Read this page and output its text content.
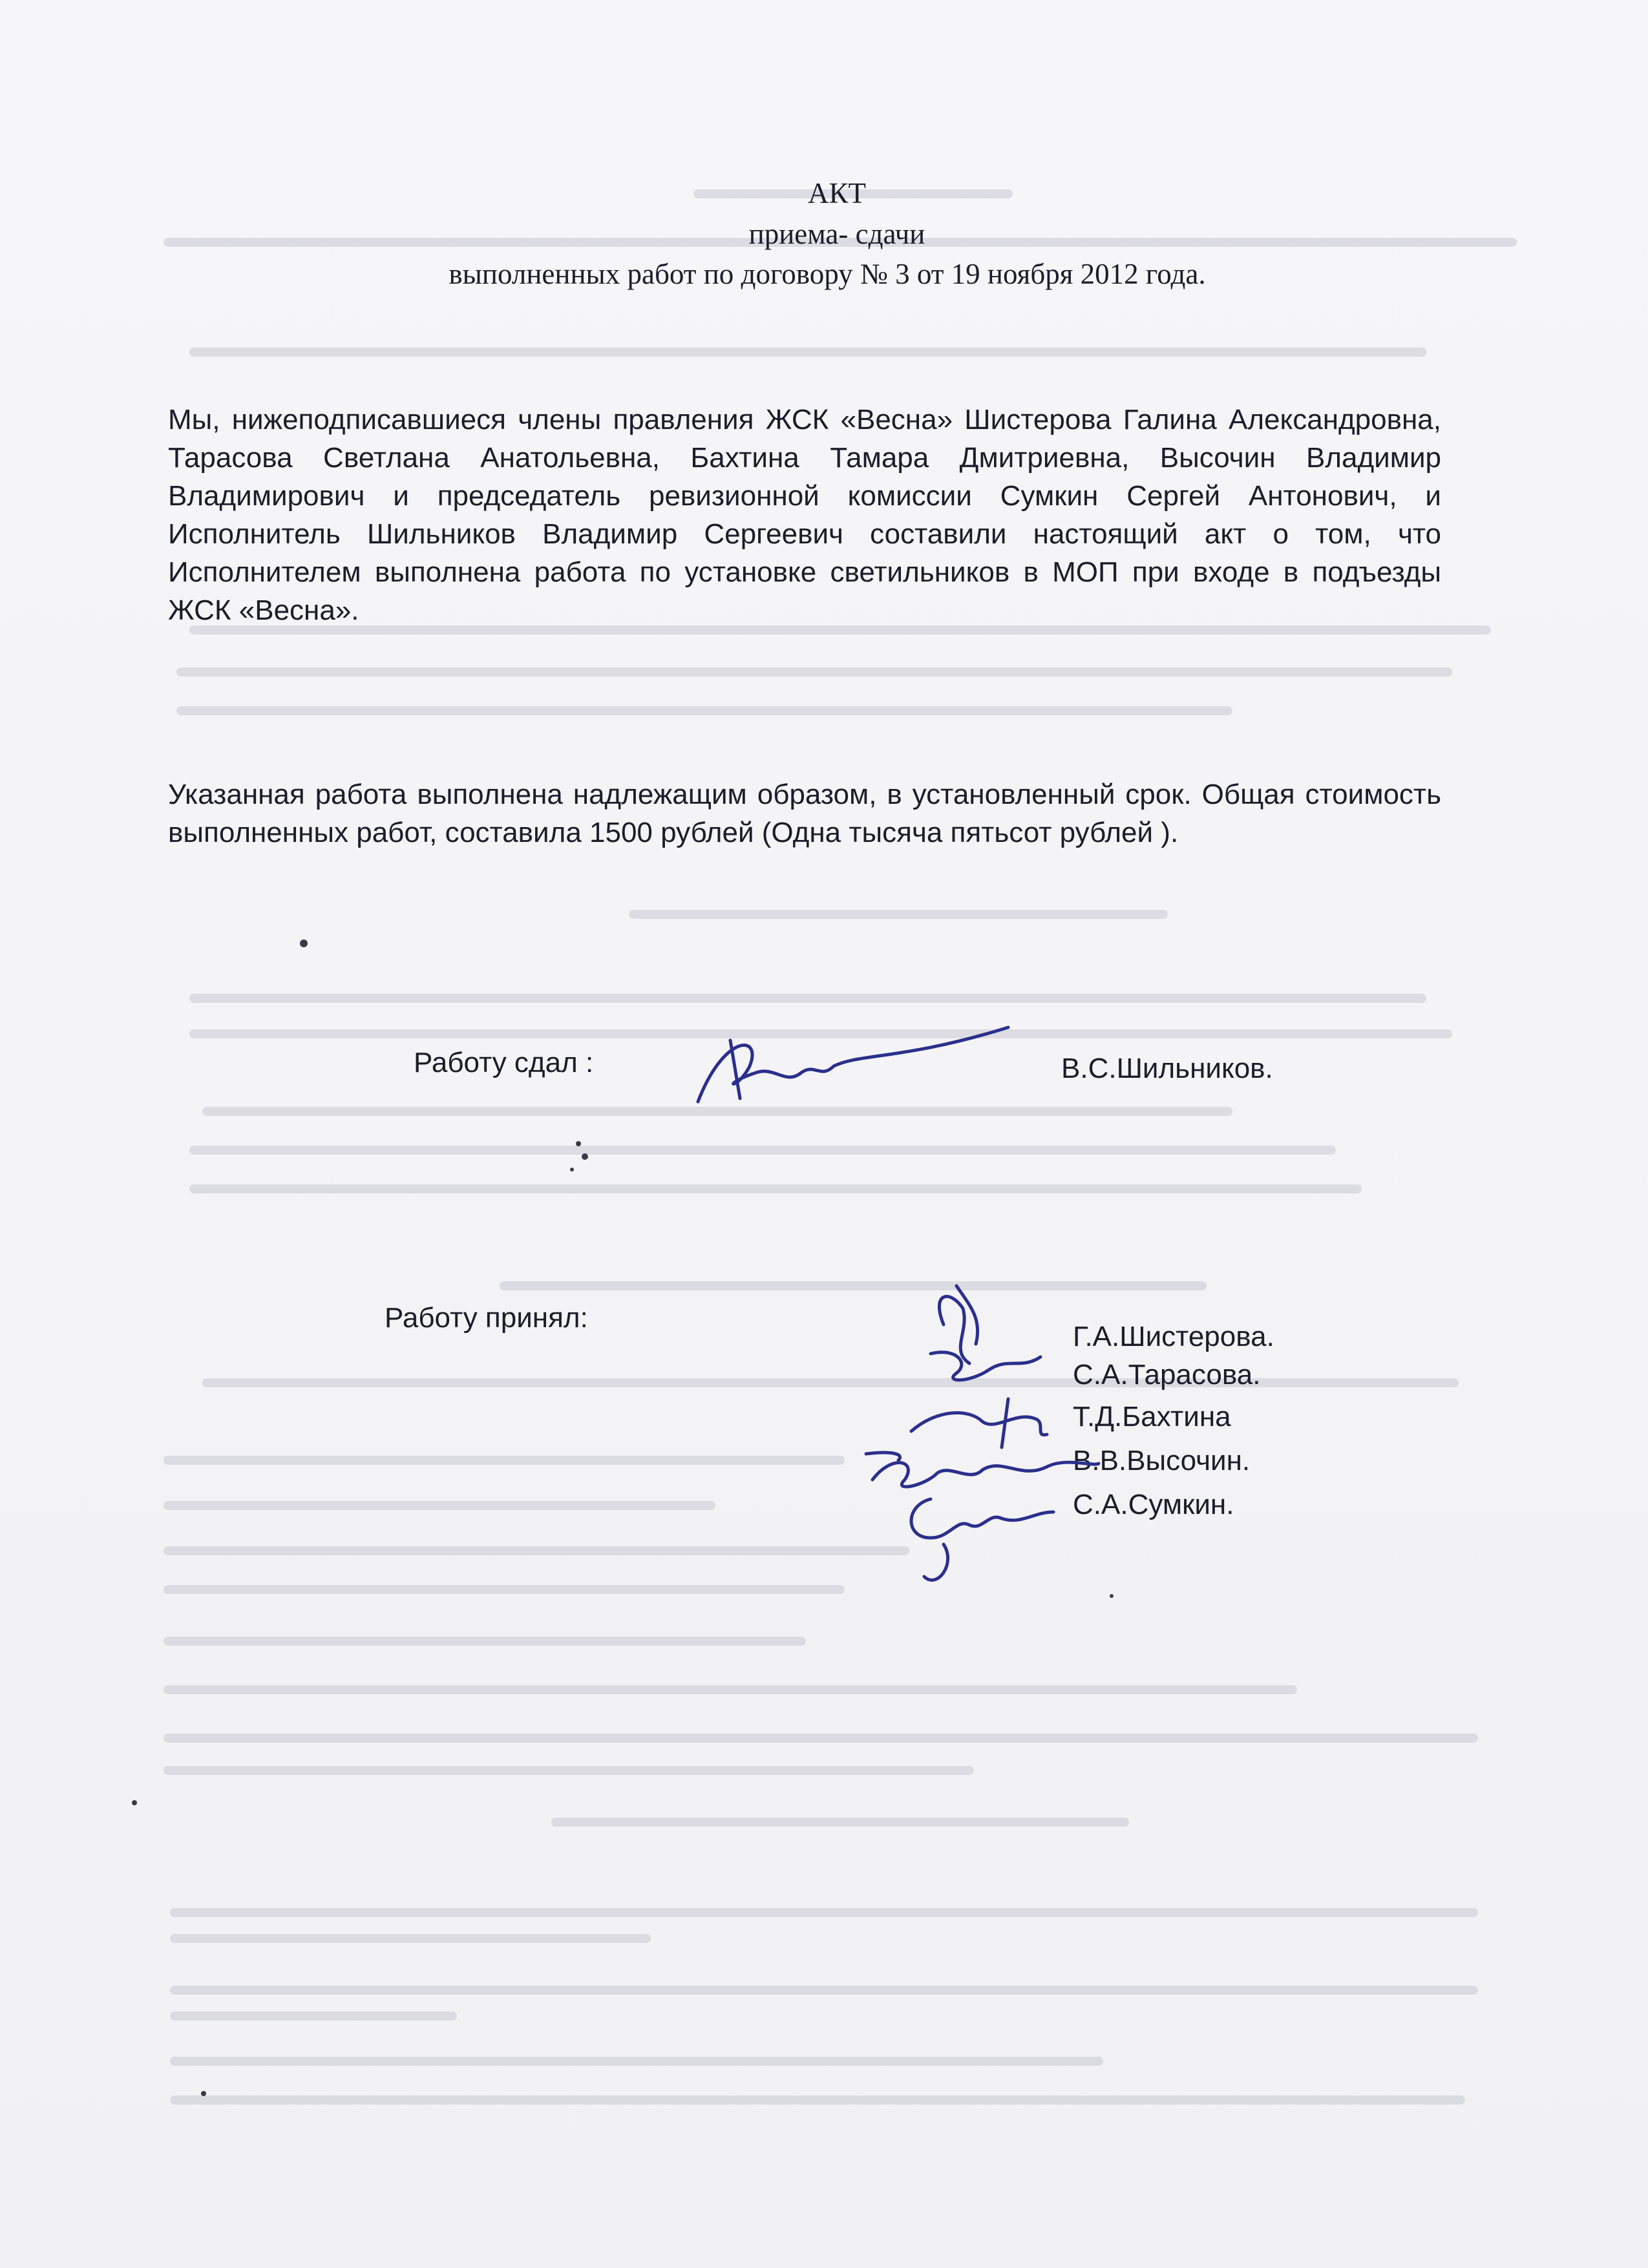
АКТ
приема- сдачи
выполненных работ по договору № 3 от 19 ноября 2012 года.
Мы, нижеподписавшиеся члены правления ЖСК «Весна» Шистерова Галина Александровна, Тарасова Светлана Анатольевна, Бахтина Тамара Дмитриевна, Высочин Владимир Владимирович и председатель ревизионной комиссии Сумкин Сергей Антонович, и Исполнитель Шильников Владимир Сергеевич составили настоящий акт о том, что Исполнителем выполнена работа по установке светильников в МОП при входе в подъезды ЖСК «Весна».
Указанная работа выполнена надлежащим образом, в установленный срок. Общая стоимость выполненных работ, составила 1500 рублей (Одна тысяча пятьсот рублей ).
Работу сдал :	В.С.Шильников.
Работу принял:
Г.А.Шистерова.
С.А.Тарасова.
Т.Д.Бахтина
В.В.Высочин.
С.А.Сумкин.
